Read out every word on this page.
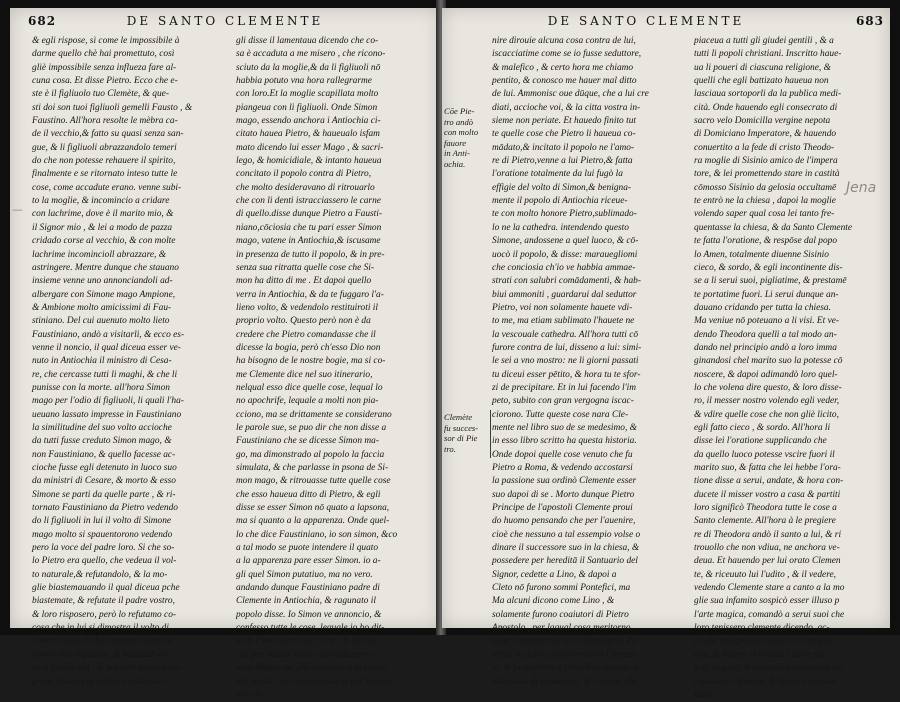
682	DE SANTO CLEMENTE
& egli rispose, sì come le impossibile à
darme quello chè hai promettuto, così
gliè impossibile senza influeza fare al-
cuna cosa. Et disse Pietro. Ecco che e-
ste è il figliuolo tuo Clemète, & que-
sti doi son tuoi figliuoli gemelli Fausto , &
Faustino. All'hora resolte le mèbra ca-
de il vecchio,& fatto su quasi senza san-
gue, & li figliuoli abrazzandolo temeri
do che non potesse rehauere il spirito,
finalmente e se ritornato inteso tutte le
cose, come accadute erano. venne subi-
to la moglie, & incomincio a cridare
con lachrime, dove è il marito mio, &
il Signor mio , & lei a modo de pazza
cridado corse al vecchio, & con molte
lachrime incomincioll abrazzare, &
astringere. Mentre dunque che stauano
insieme venne uno annonciandoli ad-
albergare con Simone mago Ampione,
& Ambione molto amicissimi di Fau-
stiniano. Del cui auenuto molto lieto
Faustiniano, andò a visitarli, & ecco es-
venne il noncio, il qual diceua esser ve-
nuto in Antiochia il ministro di Cesa-
re, che cercasse tutti li maghi, & che li
punisse con la morte. all'hora Simon
mago per l'odio di figliuoli, li quali l'ha-
ueuano lassato impresse in Faustiniano
la similitudine del suo volto accioche
da tutti fusse creduto Simon mago, &
non Faustiniano, & quello facesse ac-
cioche fusse egli detenuto in luoco suo
da ministri di Cesare, & morto & esso
Simone se parti da quelle parte , & ri-
tornato Faustiniano da Pietro vedendo
do li figliuoli in lui il volto di Simone
mago molto si spauentorono vedendo
pero la voce del padre loro. Si che so-
lo Pietro era quello, che vedeua il vol-
to naturale,& refutandolo, & la mo-
glie biastemauando il qual diceua pche
biastemate, & refutate il padre vostro,
& loro risposero, però lo refutamo co-
cosa che in lui si dimostra il volto di
Simon mago, il che composto haueua
Simon vno onguento, & haueuali on-
to la faccia sua , & per arte magica im-
pressi haueua in quello il volto suo.
gli disse il lamentaua dicendo che co-
sa è accaduta a me misero , che ricono-
sciuto da la moglie,& da li figliuoli nō
habbia potuto vna hora rallegrarme
con loro.Et la moglie scapillata molto
piangeua con li figliuoli. Onde Simon
mago, essendo anchora i Antiochia ci-
citato hauea Pietro, & haueualo isfam
mato dicendo lui esser Mago , & sacri-
lego, & homicidiale, & intanto haueua
concitato il popolo contra di Pietro,
che molto desideravano di ritrouarlo
che con li denti istracciassero le carne
di quello.disse dunque Pietro a Fausti-
niano,cōciosia che tu pari esser Simon
mago, vatene in Antiochia,& iscusame
in presenza de tutto il popolo, & in pre-
senza sua ritratta quelle cose che Si-
mon ha ditto di me . Et dapoi quello
verra in Antiochia, & da te fuggaro l'a-
lieno volto, & vedendolo restituiroti il
proprio volto. Questo però non è da
credere che Pietro comandasse che il
dicesse la bogia, però ch'esso Dio non
ha bisogno de le nostre bogie, ma si co-
me Clemente dice nel suo itinerario,
nelqual esso dice quelle cose, lequal lo
no apochrife, lequale a molti non pia-
cciono, ma se drittamente se considerano
le parole sue, se puo dir che non disse a
Faustiniano che se dicesse Simon ma-
go, ma dimonstrado al popolo la faccia
simulata, & che parlasse in psona de Si-
mon mago, & ritrouasse tutte quelle cose
che esso haueua ditto di Pietro, & egli
disse se esser Simon nō quato a lapsona,
ma si quanto a la apparenza. Onde quel-
lo che dice Faustiniano, io son simon, &co
a tal modo se puote intendere il quato
a la apparenza pare esser Simon. io a-
gli quel Simon putatiuo, ma no vero.
andando dunque Faustiniano padre di
Clemente in Antiochia, & ragunato il
popolo disse. Io Simon ve annoncio, &
confesso tutte le cose, lequale io ho dit-
to di Pietro non esser vere , & dicoui
che per nessun modo egli seduttore o-
uero Mago, ma gliè mandato a la salute
del mondo, per laqual cosa se per l'auue-
nire di-
—
DE SANTO CLEMENTE	683
Cōe Pie-
tro andò
con molto
fauore
in Anti-
ochia.
Clemète
fu succes-
sor di Pie
tro.
nire dirouie alcuna cosa contra de lui,
iscacciatime come se io fusse seduttore,
& malefico , & certo hora me chiamo
pentito, & conosco me hauer mal ditto
de lui. Ammonisc oue dūque, che a lui cre
diati, accioche voi, & la citta vostra in-
sieme non periate. Et hauedo finito tut
te quelle cose che Pietro li haueua co-
mādato,& incitato il popolo ne l'amo-
re di Pietro,venne a lui Pietro,& fatta
l'oratione totalmente da lui fugò la
effigie del volto di Simon,& benigna-
mente il popolo di Antiochia riceue-
te con molto honore Pietro,sublimado-
lo ne la cathedra. intendendo questo
Simone, andossene a quel luoco, & cō-
uocò il popolo, & disse: marauegliomi
che conciosia ch'io ve habbia ammae-
strati con salubri comādamenti, & hab-
biui ammoniti , guardarui dal seduttor
Pietro, voi non solamente hauete vdi-
to me, ma etiam sublimato l'hauete ne
la vescouale cathedra. All'hora tutti cō
furore contra de lui, disseno a lui: simi-
le sei a vno mostro: ne li giorni passati
tu diceui esser pētito, & hora tu te sfor-
zi de precipitare. Et in lui facendo l'im
peto, subito con gran vergogna iscac-
ciorono. Tutte queste cose nara Cle-
mente nel libro suo de se medesimo, &
in esso libro scritto ha questa historia.
Onde dopoi quelle cose venuto che fu
Pietro a Roma, & vedendo accostarsi
la passione sua ordinò Clemente esser
suo dapoi di se . Morto dunque Pietro
Principe de l'apostoli Clemente proui
do huomo pensando che per l'auenire,
cioè che nessuno a tal essempio volse o
dinare il successore suo in la chiesa, &
possedere per hereditā il Santuario del
Signor, cedette a Lino, & dapoi a
Cleto nō furono sommi Pontefici, ma
Ma alcuni dicono come Lino , &
solamente furono coaiutori di Pietro
Apostolo , per laqual cosa meritorno
esser connumerati nel cathalogo di Pō
tefici, & dapoi questi elessero Clemen-
te, & fu costretto a presidere. intanto si
adornaua di ornamenti, & costumi che
piaceua a tutti gli giudei gentili , & a
tutti li popoli christiani. Inscritto haue-
ua li poueri di ciascuna religione, &
quelli che egli battizato haueua non
lasciaua sortoporli da la publica medi-
cità. Onde hauendo egli consecrato di
sacro velo Domicilla vergine nepota
di Domiciano Imperatore, & hauendo
conuertito a la fede di cristo Theodo-
ra moglie di Sisinio amico de l'impera
tore, & lei promettendo stare in castità
cōmosso Sisinio da gelosia occultamē
te entrò ne la chiesa , dapoi la moglie
volendo saper qual cosa lei tanto fre-
quentasse la chiesa, & da Santo Clemente
te fatta l'oratione, & respōse dal popo
lo Amen, totalmente diuenne Sisinio
cieco, & sordo, & egli incontinente dis-
se a li serui suoi, pigliatime, & prestamē
te portatime fuori. Li serui dunque an-
dauano cridando per tutta la chiesa.
Ma veniue nō poteuano a li visi. Et ve-
dendo Theodora quelli a tal modo an-
dando nel principio andò a loro imma
ginandosi chel marito suo la potesse cō
noscere, & dapoi adimandò loro quel-
lo che volena dire questo, & loro disse-
ro, il messer nostro volendo egli veder,
& vdire quelle cose che non gliè licito,
egli fatto cieco , & sordo. All'hora li
disse lei l'oratione supplicando che
da quello luoco potesse vscire fuori il
marito suo, & fatta che lei hebbe l'ora-
tione disse a serui, andate, & hora con-
ducete il misser vostro a casa & partiti
loro significò Theodora tutte le cose a
Santo clemente. All'hora à le pregiere
re di Theodora andò il santo a lui, & ri
trouollo che non vdiua, ne anchora ve-
deua. Et hauendo per lui orato Clemen
te, & riceuuto lui l'udito , & il vedere,
vedendo Clemente stare a canto a la mo
glie sua infamito sospicò esser illuso p
l'arte magica, comandò a serui suoi che
loro tenissero clemente dicendo, ac-
cioche egli posisia andar a la moglie
mia, & mentre il vedeua l'udire per
arte magica, & comādò a serui suoi che
ligassino Clemente & ligato il strassi-
nasse,
Jena
